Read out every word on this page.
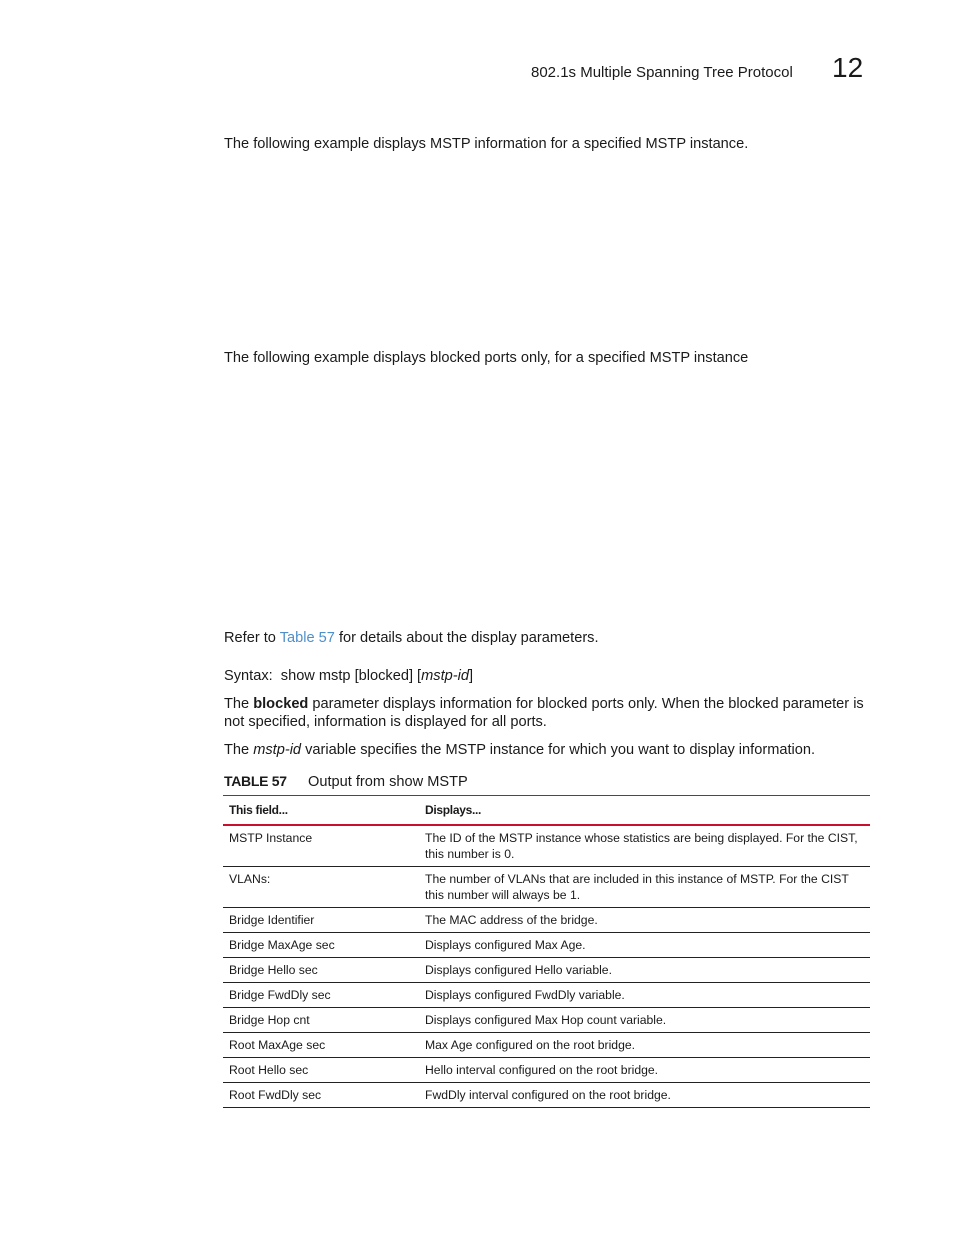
802.1s Multiple Spanning Tree Protocol 12

The following example displays MSTP information for a specified MSTP instance.

The following example displays blocked ports only, for a specified MSTP instance

Refer to Table 57 for details about the display parameters.

Syntax: show mstp [blocked] [mstp-id]

The blocked parameter displays information for blocked ports only. When the blocked parameter is not specified, information is displayed for all ports.

The mstp-id variable specifies the MSTP instance for which you want to display information.

TABLE 57 Output from show MSTP
This field...	Displays...
MSTP Instance	The ID of the MSTP instance whose statistics are being displayed. For the CIST, this number is 0.
VLANs:	The number of VLANs that are included in this instance of MSTP. For the CIST this number will always be 1.
Bridge Identifier	The MAC address of the bridge.
Bridge MaxAge sec	Displays configured Max Age.
Bridge Hello sec	Displays configured Hello variable.
Bridge FwdDly sec	Displays configured FwdDly variable.
Bridge Hop cnt	Displays configured Max Hop count variable.
Root MaxAge sec	Max Age configured on the root bridge.
Root Hello sec	Hello interval configured on the root bridge.
Root FwdDly sec	FwdDly interval configured on the root bridge.
